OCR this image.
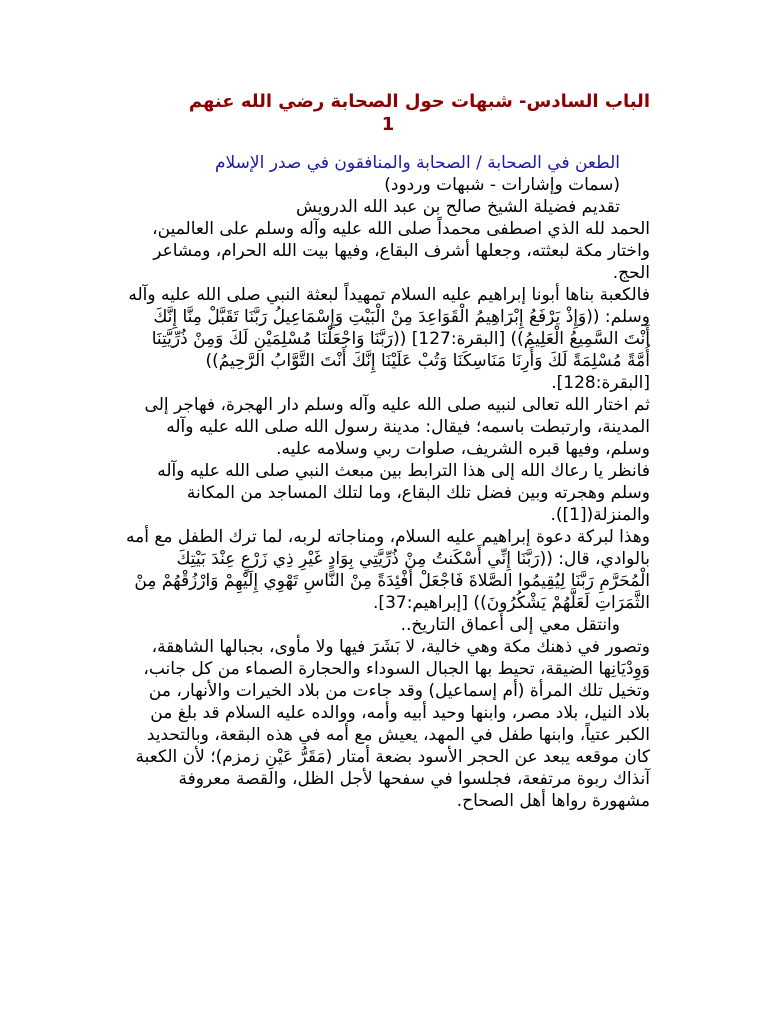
الباب السادس- شبهات حول الصحابة رضي الله عنهم
1
الطعن في الصحابة / الصحابة والمنافقون في صدر الإسلام
(سمات وإشارات - شبهات وردود)
تقديم فضيلة الشيخ صالح بن عبد الله الدرويش
الحمد لله الذي اصطفى محمداً صلى الله عليه وآله وسلم على العالمين، واختار مكة لبعثته، وجعلها أشرف البقاع، وفيها بيت الله الحرام، ومشاعر الحج.
فالكعبة بناها أبونا إبراهيم عليه السلام تمهيداً لبعثة النبي صلى الله عليه وآله وسلم: ((وَإِذْ يَرْفَعُ إِبْرَاهِيمُ الْقَوَاعِدَ مِنْ الْبَيْتِ وَإِسْمَاعِيلُ رَبَّنَا تَقَبَّلْ مِنَّا إِنَّكَ أَنْتَ السَّمِيعُ الْعَلِيمُ)) [البقرة:127] ((رَبَّنَا وَاجْعَلْنَا مُسْلِمَيْنِ لَكَ وَمِنْ ذُرِّيَّتِنَا أُمَّةً مُسْلِمَةً لَكَ وَأَرِنَا مَنَاسِكَنَا وَتُبْ عَلَيْنَا إِنَّكَ أَنْتَ التَّوَّابُ الرَّحِيمُ)) [البقرة:128].
ثم اختار الله تعالى لنبيه صلى الله عليه وآله وسلم دار الهجرة، فهاجر إلى المدينة، وارتبطت باسمه؛ فيقال: مدينة رسول الله صلى الله عليه وآله وسلم، وفيها قبره الشريف، صلوات ربي وسلامه عليه.
فانظر يا رعاك الله إلى هذا الترابط بين مبعث النبي صلى الله عليه وآله وسلم وهجرته وبين فضل تلك البقاع، وما لتلك المساجد من المكانة والمنزلة([1]).
وهذا لبركة دعوة إبراهيم عليه السلام، ومناجاته لربه، لما ترك الطفل مع أمه بالوادي، قال: ((رَبَّنَا إِنِّي أَسْكَنتُ مِنْ ذُرِّيَّتِي بِوَادٍ غَيْرِ ذِي زَرْعٍ عِنْدَ بَيْتِكَ الْمُحَرَّمِ رَبَّنَا لِيُقِيمُوا الصَّلاةَ فَاجْعَلْ أَفْئِدَةً مِنْ النَّاسِ تَهْوِي إِلَيْهِمْ وَارْزُقْهُمْ مِنْ الثَّمَرَاتِ لَعَلَّهُمْ يَشْكُرُونَ)) [إبراهيم:37].
وانتقل معي إلى أعماق التاريخ..
وتصور في ذهنك مكة وهي خالية، لا بَشَرَ فيها ولا مأوى، بجبالها الشاهقة، وَوِدْيَانِها الضيقة، تحيط بها الجبال السوداء والحجارة الصماء من كل جانب، وتخيل تلك المرأة (أم إسماعيل) وقد جاءت من بلاد الخيرات والأنهار، من بلاد النيل، بلاد مصر، وابنها وحيد أبيه وأمه، ووالده عليه السلام قد بلغ من الكبر عتياً، وابنها طفل في المهد، يعيش مع أمه في هذه البقعة، وبالتحديد كان موقعه يبعد عن الحجر الأسود بضعة أمتار (مَقَرُّ عَيْنِ زمزم)؛ لأن الكعبة آنذاك ربوة مرتفعة، فجلسوا في سفحها لأجل الظل، والقصة معروفة مشهورة رواها أهل الصحاح.
